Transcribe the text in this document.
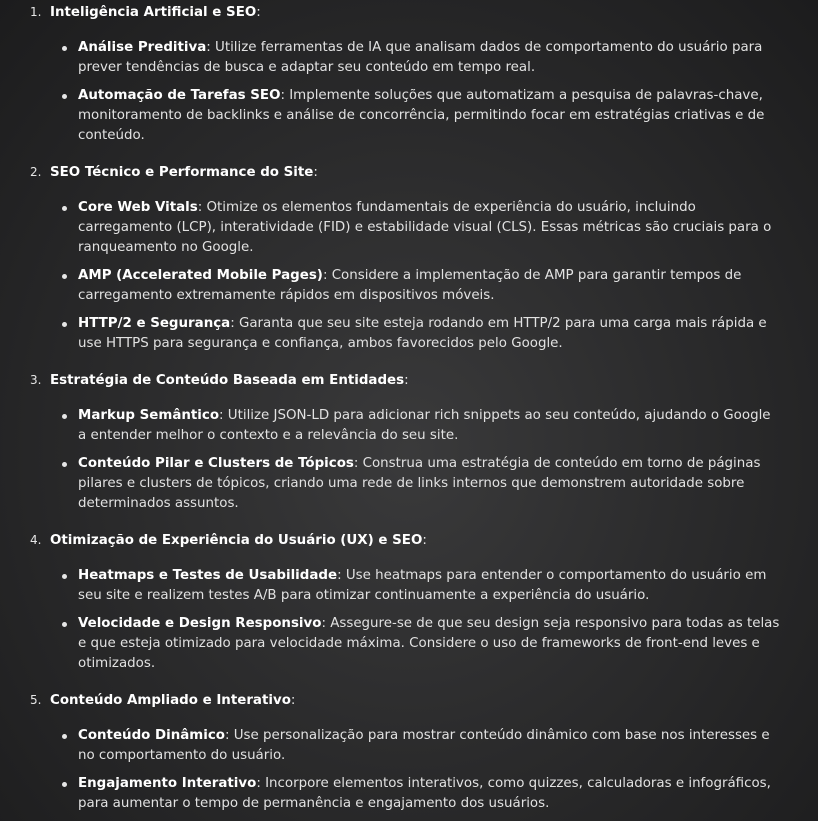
1. Inteligência Artificial e SEO :
Análise Preditiva: Utilize ferramentas de IA que analisam dados de comportamento do usuário para prever tendências de busca e adaptar seu conteúdo em tempo real.
Automação de Tarefas SEO: Implemente soluções que automatizam a pesquisa de palavras-chave, monitoramento de backlinks e análise de concorrência, permitindo focar em estratégias criativas e de conteúdo.
2. SEO Técnico e Performance do Site :
Core Web Vitals: Otimize os elementos fundamentais de experiência do usuário, incluindo carregamento (LCP), interatividade (FID) e estabilidade visual (CLS). Essas métricas são cruciais para o ranqueamento no Google.
AMP (Accelerated Mobile Pages): Considere a implementação de AMP para garantir tempos de carregamento extremamente rápidos em dispositivos móveis.
HTTP/2 e Segurança: Garanta que seu site esteja rodando em HTTP/2 para uma carga mais rápida e use HTTPS para segurança e confiança, ambos favorecidos pelo Google.
3. Estratégia de Conteúdo Baseada em Entidades :
Markup Semântico: Utilize JSON-LD para adicionar rich snippets ao seu conteúdo, ajudando o Google a entender melhor o contexto e a relevância do seu site.
Conteúdo Pilar e Clusters de Tópicos: Construa uma estratégia de conteúdo em torno de páginas pilares e clusters de tópicos, criando uma rede de links internos que demonstrem autoridade sobre determinados assuntos.
4. Otimização de Experiência do Usuário (UX) e SEO :
Heatmaps e Testes de Usabilidade: Use heatmaps para entender o comportamento do usuário em seu site e realizem testes A/B para otimizar continuamente a experiência do usuário.
Velocidade e Design Responsivo: Assegure-se de que seu design seja responsivo para todas as telas e que esteja otimizado para velocidade máxima. Considere o uso de frameworks de front-end leves e otimizados.
5. Conteúdo Ampliado e Interativo :
Conteúdo Dinâmico: Use personalização para mostrar conteúdo dinâmico com base nos interesses e no comportamento do usuário.
Engajamento Interativo: Incorpore elementos interativos, como quizzes, calculadoras e infográficos, para aumentar o tempo de permanência e engajamento dos usuários.
